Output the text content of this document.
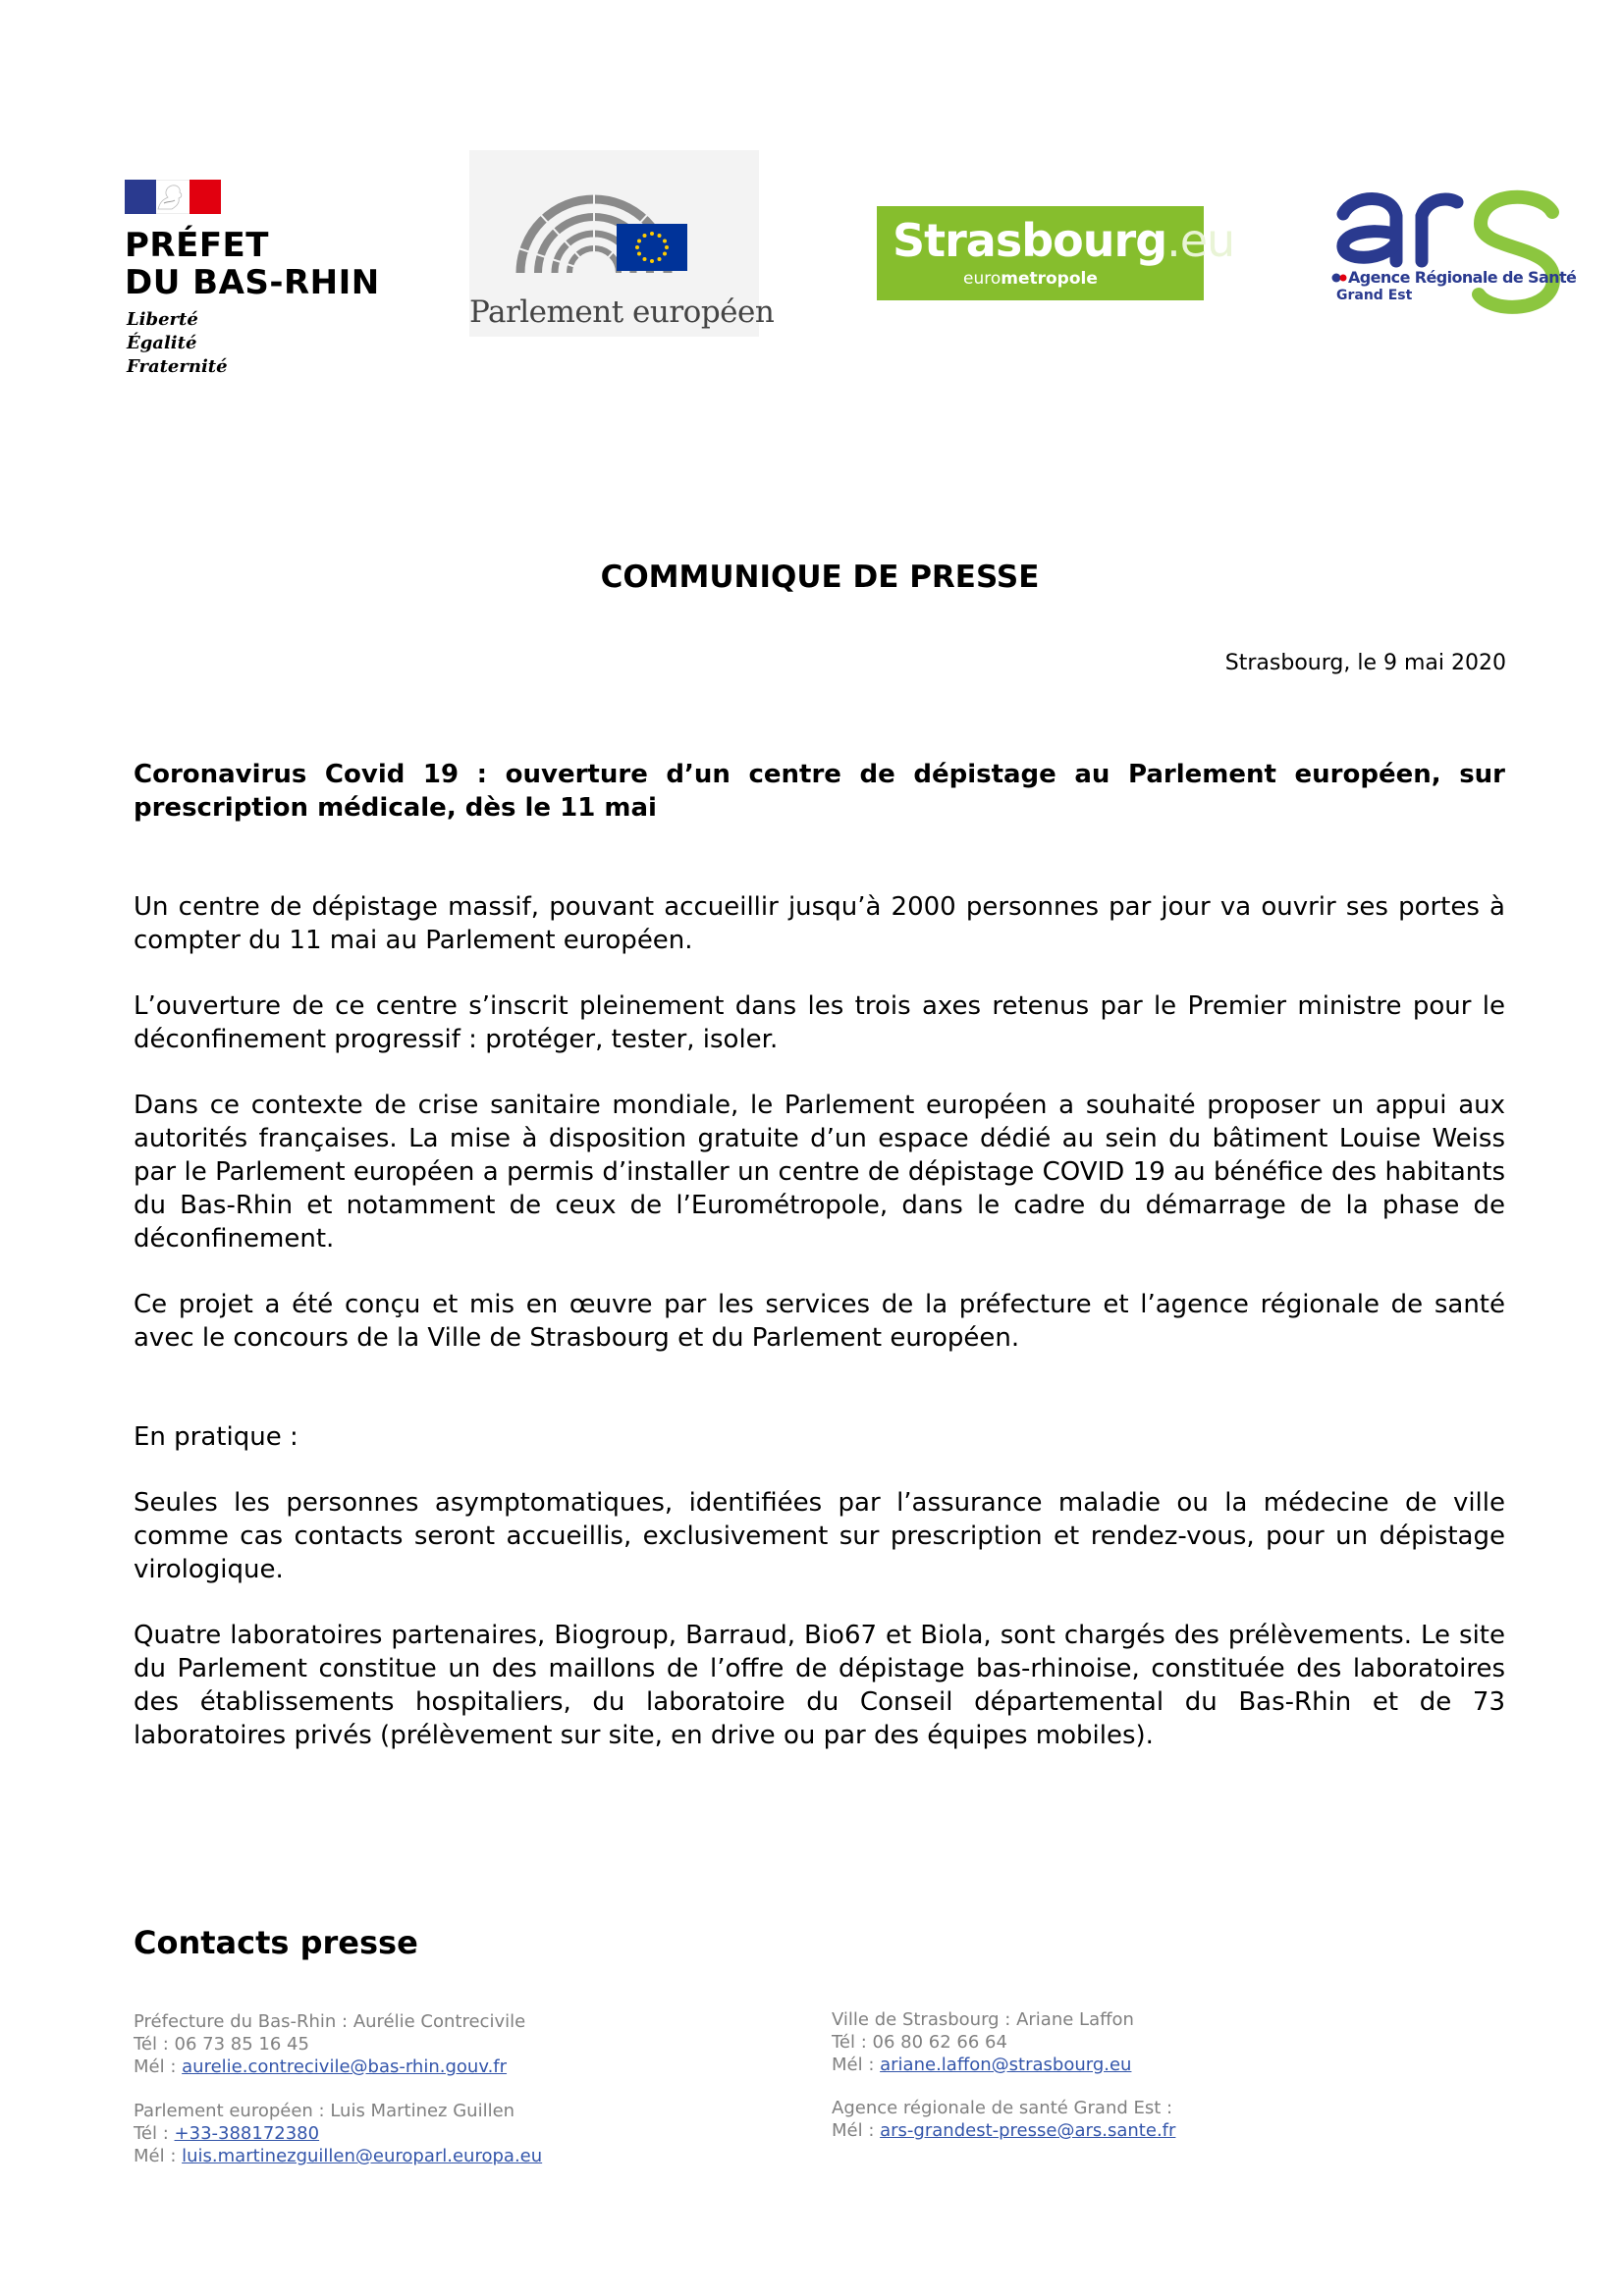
PRÉFET
DU BAS-RHIN
Liberté
Égalité
Fraternité
Parlement européen
Strasbourg.eu
eurometropole	Agence Régionale de Santé
Grand Est
COMMUNIQUE DE PRESSE
Strasbourg, le 9 mai 2020
Coronavirus Covid 19 : ouverture d’un centre de dépistage au Parlement européen, sur prescription médicale, dès le 11 mai

Un centre de dépistage massif, pouvant accueillir jusqu’à 2000 personnes par jour va ouvrir ses portes à compter du 11 mai au Parlement européen.

L’ouverture de ce centre s’inscrit pleinement dans les trois axes retenus par le Premier ministre pour le déconfinement progressif : protéger, tester, isoler.

Dans ce contexte de crise sanitaire mondiale, le Parlement européen a souhaité proposer un appui aux autorités françaises. La mise à disposition gratuite d’un espace dédié au sein du bâtiment Louise Weiss par le Parlement européen a permis d’installer un centre de dépistage COVID 19 au bénéfice des habitants du Bas-Rhin et notamment de ceux de l’Eurométropole, dans le cadre du démarrage de la phase de déconfinement.

Ce projet a été conçu et mis en œuvre par les services de la préfecture et l’agence régionale de santé avec le concours de la Ville de Strasbourg et du Parlement européen.

En pratique :

Seules les personnes asymptomatiques, identifiées par l’assurance maladie ou la médecine de ville comme cas contacts seront accueillis, exclusivement sur prescription et rendez-vous, pour un dépistage virologique.

Quatre laboratoires partenaires, Biogroup, Barraud, Bio67 et Biola, sont chargés des prélèvements. Le site du Parlement constitue un des maillons de l’offre de dépistage bas-rhinoise, constituée des laboratoires des établissements hospitaliers, du laboratoire du Conseil départemental du Bas-Rhin et de 73 laboratoires privés (prélèvement sur site, en drive ou par des équipes mobiles).

Contacts presse
Préfecture du Bas-Rhin : Aurélie Contrecivile
Tél : 06 73 85 16 45
Mél : aurelie.contrecivile@bas-rhin.gouv.fr
Parlement européen : Luis Martinez Guillen
Tél : +33-388172380
Mél : luis.martinezguillen@europarl.europa.eu
Ville de Strasbourg : Ariane Laffon
Tél : 06 80 62 66 64
Mél : ariane.laffon@strasbourg.eu
Agence régionale de santé Grand Est :
Mél : ars-grandest-presse@ars.sante.fr
